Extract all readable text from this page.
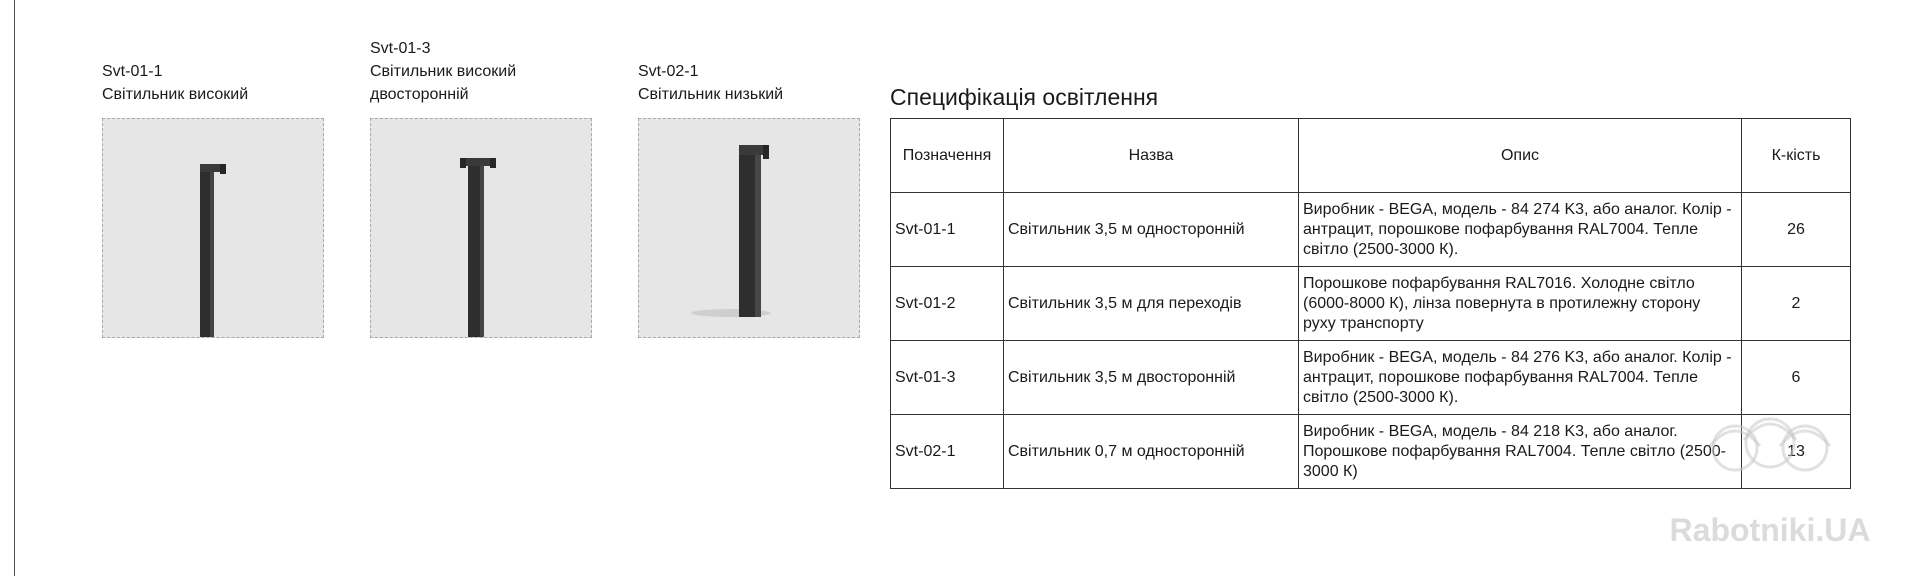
Svt-01-1
Світильник високий
Svt-01-3
Світильник високий двосторонній
Svt-02-1
Світильник низький	Специфікація освітлення
Позначення	Назва	Опис	К-кість
Svt-01-1	Світильник 3,5 м односторонній	Виробник - BEGA, модель - 84 274 K3, або аналог. Колір - антрацит, порошкове пофарбування RAL7004. Тепле світло (2500-3000 К).	26
Svt-01-2	Світильник 3,5 м для переходів	Порошкове пофарбування RAL7016. Холодне світло (6000-8000 К), лінза повернута в протилежну сторону руху транспорту	2
Svt-01-3	Світильник 3,5 м двосторонній	Виробник - BEGA, модель - 84 276 K3, або аналог. Колір - антрацит, порошкове пофарбування RAL7004. Тепле світло (2500-3000 К).	6
Svt-02-1	Світильник 0,7 м односторонній	Виробник - BEGA, модель - 84 218 K3, або аналог. Порошкове пофарбування RAL7004. Тепле світло (2500-3000 К)	13
Rabotniki.UA
